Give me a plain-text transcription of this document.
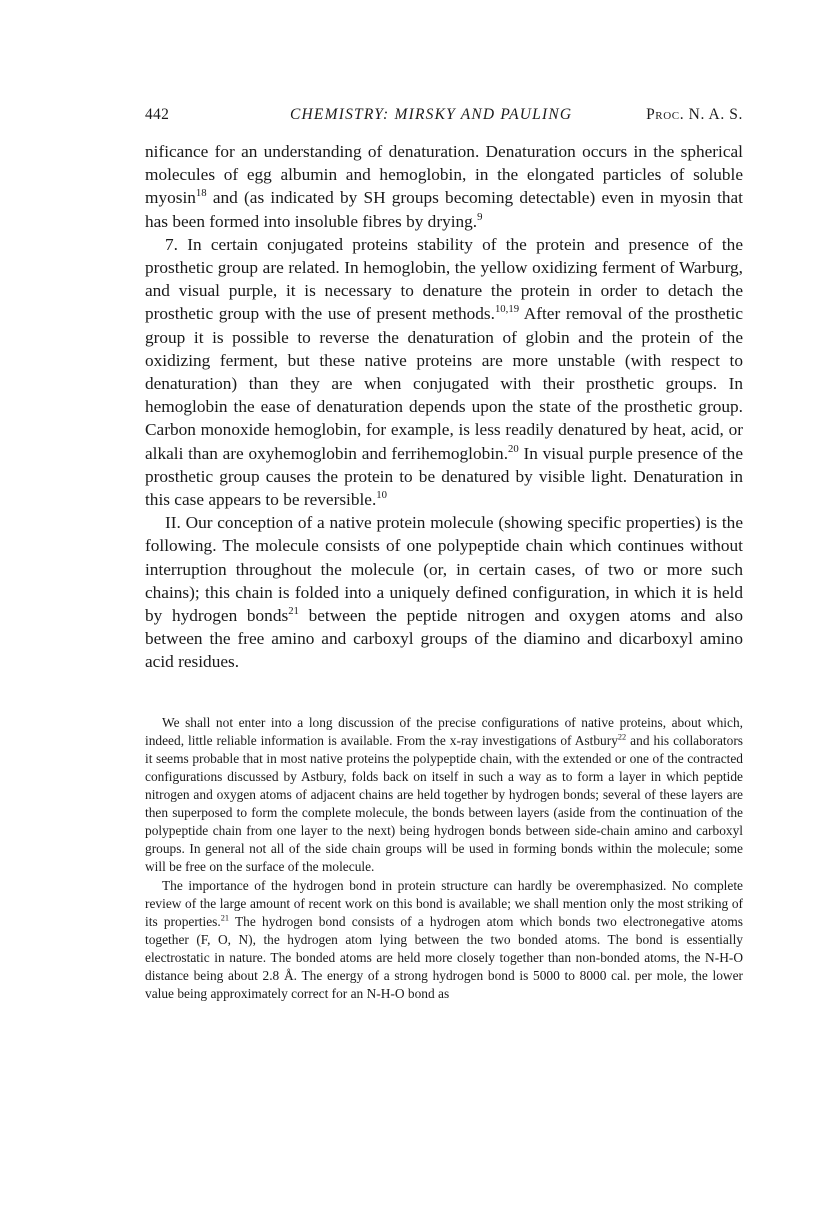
442	CHEMISTRY: MIRSKY AND PAULING	Proc. N. A. S.

nificance for an understanding of denaturation. Denaturation occurs in the spherical molecules of egg albumin and hemoglobin, in the elongated particles of soluble myosin$^{18}$ and (as indicated by SH groups becoming detectable) even in myosin that has been formed into insoluble fibres by drying.$^9$

7. In certain conjugated proteins stability of the protein and presence of the prosthetic group are related. In hemoglobin, the yellow oxidizing ferment of Warburg, and visual purple, it is necessary to denature the protein in order to detach the prosthetic group with the use of present methods.$^{10,19}$ After removal of the prosthetic group it is possible to reverse the denaturation of globin and the protein of the oxidizing ferment, but these native proteins are more unstable (with respect to denaturation) than they are when conjugated with their prosthetic groups. In hemoglobin the ease of denaturation depends upon the state of the prosthetic group. Carbon monoxide hemoglobin, for example, is less readily denatured by heat, acid, or alkali than are oxyhemoglobin and ferrihemoglobin.$^{20}$ In visual purple presence of the prosthetic group causes the protein to be denatured by visible light. Denaturation in this case appears to be reversible.$^{10}$

II. Our conception of a native protein molecule (showing specific properties) is the following. The molecule consists of one polypeptide chain which continues without interruption throughout the molecule (or, in certain cases, of two or more such chains); this chain is folded into a uniquely defined configuration, in which it is held by hydrogen bonds$^{21}$ between the peptide nitrogen and oxygen atoms and also between the free amino and carboxyl groups of the diamino and dicarboxyl amino acid residues.

We shall not enter into a long discussion of the precise configurations of native proteins, about which, indeed, little reliable information is available. From the x-ray investigations of Astbury$^{22}$ and his collaborators it seems probable that in most native proteins the polypeptide chain, with the extended or one of the contracted configurations discussed by Astbury, folds back on itself in such a way as to form a layer in which peptide nitrogen and oxygen atoms of adjacent chains are held together by hydrogen bonds; several of these layers are then superposed to form the complete molecule, the bonds between layers (aside from the continuation of the polypeptide chain from one layer to the next) being hydrogen bonds between side-chain amino and carboxyl groups. In general not all of the side chain groups will be used in forming bonds within the molecule; some will be free on the surface of the molecule.

The importance of the hydrogen bond in protein structure can hardly be overemphasized. No complete review of the large amount of recent work on this bond is available; we shall mention only the most striking of its properties.$^{21}$ The hydrogen bond consists of a hydrogen atom which bonds two electronegative atoms together (F, O, N), the hydrogen atom lying between the two bonded atoms. The bond is essentially electrostatic in nature. The bonded atoms are held more closely together than non-bonded atoms, the N-H-O distance being about 2.8 Å. The energy of a strong hydrogen bond is 5000 to 8000 cal. per mole, the lower value being approximately correct for an N-H-O bond as
